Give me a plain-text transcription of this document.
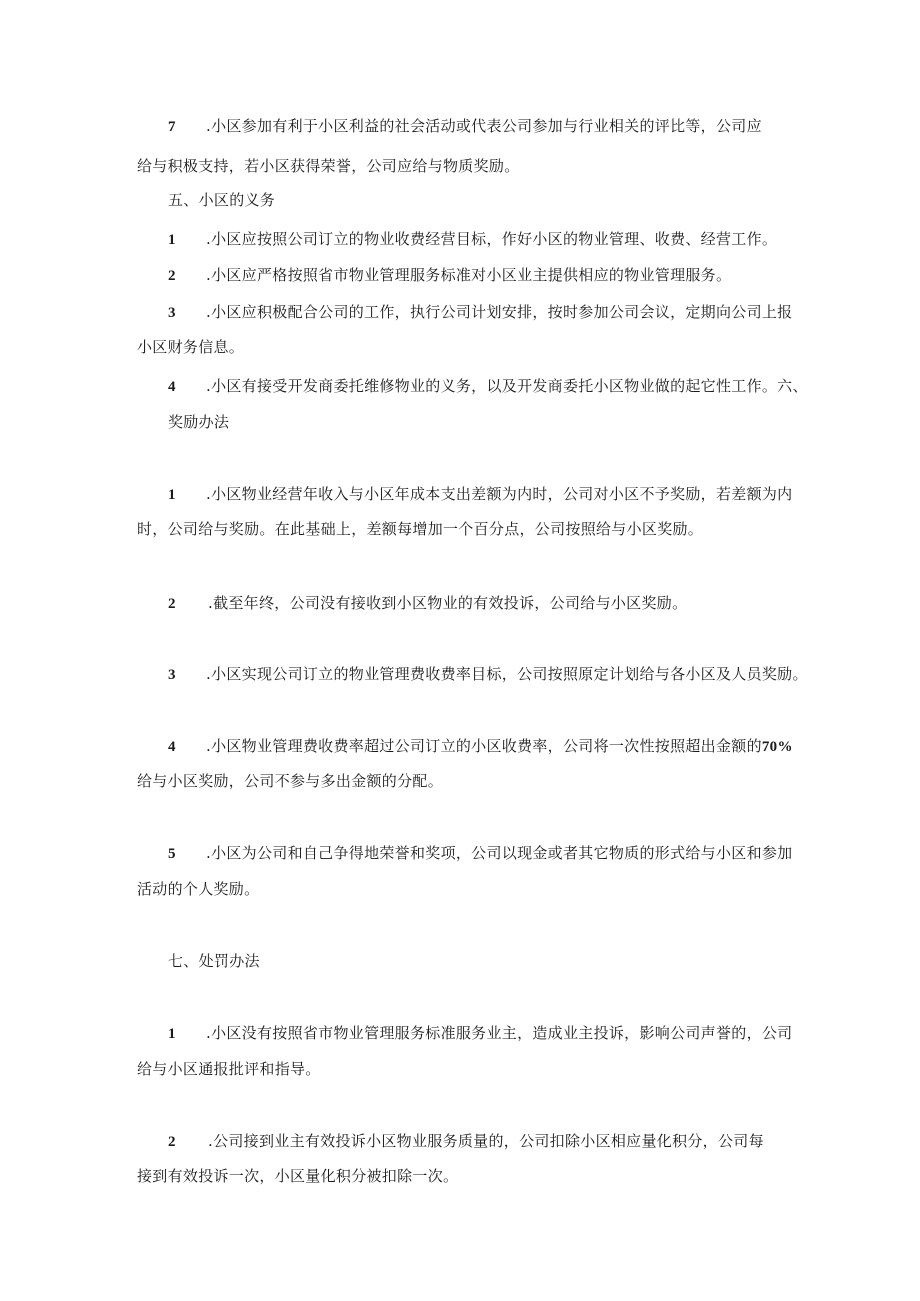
7 .小区参加有利于小区利益的社会活动或代表公司参加与行业相关的评比等，公司应
给与积极支持，若小区获得荣誉，公司应给与物质奖励。
五、小区的义务
1 .小区应按照公司订立的物业收费经营目标，作好小区的物业管理、收费、经营工作。
2 .小区应严格按照省市物业管理服务标准对小区业主提供相应的物业管理服务。
3 .小区应积极配合公司的工作，执行公司计划安排，按时参加公司会议，定期向公司上报
小区财务信息。
4 .小区有接受开发商委托维修物业的义务，以及开发商委托小区物业做的起它性工作。六、
奖励办法
1 .小区物业经营年收入与小区年成本支出差额为内时，公司对小区不予奖励，若差额为内
时，公司给与奖励。在此基础上，差额每增加一个百分点，公司按照给与小区奖励。
2 .截至年终，公司没有接收到小区物业的有效投诉，公司给与小区奖励。
3 .小区实现公司订立的物业管理费收费率目标，公司按照原定计划给与各小区及人员奖励。
4 .小区物业管理费收费率超过公司订立的小区收费率，公司将一次性按照超出金额的70%
给与小区奖励，公司不参与多出金额的分配。
5 .小区为公司和自己争得地荣誉和奖项，公司以现金或者其它物质的形式给与小区和参加
活动的个人奖励。
七、处罚办法
1 .小区没有按照省市物业管理服务标准服务业主，造成业主投诉，影响公司声誉的，公司
给与小区通报批评和指导。
2 .公司接到业主有效投诉小区物业服务质量的，公司扣除小区相应量化积分，公司每
接到有效投诉一次，小区量化积分被扣除一次。
